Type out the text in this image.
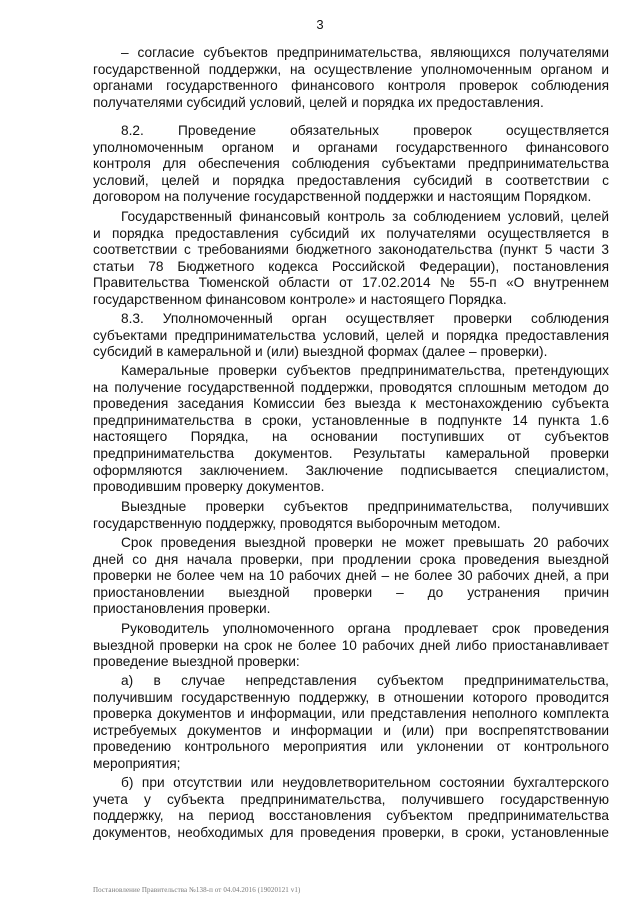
3
– согласие субъектов предпринимательства, являющихся получателями
государственной поддержки, на осуществление уполномоченным органом и
органами государственного финансового контроля проверок соблюдения
получателями субсидий условий, целей и порядка их предоставления.
8.2. Проведение обязательных проверок осуществляется
уполномоченным органом и органами государственного финансового
контроля для обеспечения соблюдения субъектами предпринимательства
условий, целей и порядка предоставления субсидий в соответствии с
договором на получение государственной поддержки и настоящим Порядком.
Государственный финансовый контроль за соблюдением условий, целей
и порядка предоставления субсидий их получателями осуществляется в
соответствии с требованиями бюджетного законодательства (пункт 5 части 3
статьи 78 Бюджетного кодекса Российской Федерации), постановления
Правительства Тюменской области от 17.02.2014 № 55-п «О внутреннем
государственном финансовом контроле» и настоящего Порядка.
8.3. Уполномоченный орган осуществляет проверки соблюдения
субъектами предпринимательства условий, целей и порядка предоставления
субсидий в камеральной и (или) выездной формах (далее – проверки).
Камеральные проверки субъектов предпринимательства, претендующих
на получение государственной поддержки, проводятся сплошным методом до
проведения заседания Комиссии без выезда к местонахождению субъекта
предпринимательства в сроки, установленные в подпункте 14 пункта 1.6
настоящего Порядка, на основании поступивших от субъектов
предпринимательства документов. Результаты камеральной проверки
оформляются заключением. Заключение подписывается специалистом,
проводившим проверку документов.
Выездные проверки субъектов предпринимательства, получивших
государственную поддержку, проводятся выборочным методом.
Срок проведения выездной проверки не может превышать 20 рабочих
дней со дня начала проверки, при продлении срока проведения выездной
проверки не более чем на 10 рабочих дней – не более 30 рабочих дней, а при
приостановлении выездной проверки – до устранения причин
приостановления проверки.
Руководитель уполномоченного органа продлевает срок проведения
выездной проверки на срок не более 10 рабочих дней либо приостанавливает
проведение выездной проверки:
а) в случае непредставления субъектом предпринимательства,
получившим государственную поддержку, в отношении которого проводится
проверка документов и информации, или представления неполного комплекта
истребуемых документов и информации и (или) при воспрепятствовании
проведению контрольного мероприятия или уклонении от контрольного
мероприятия;
б) при отсутствии или неудовлетворительном состоянии бухгалтерского
учета у субъекта предпринимательства, получившего государственную
поддержку, на период восстановления субъектом предпринимательства
документов, необходимых для проведения проверки, в сроки, установленные
Постановление Правительства №138-п от 04.04.2016 (19020121 v1)
